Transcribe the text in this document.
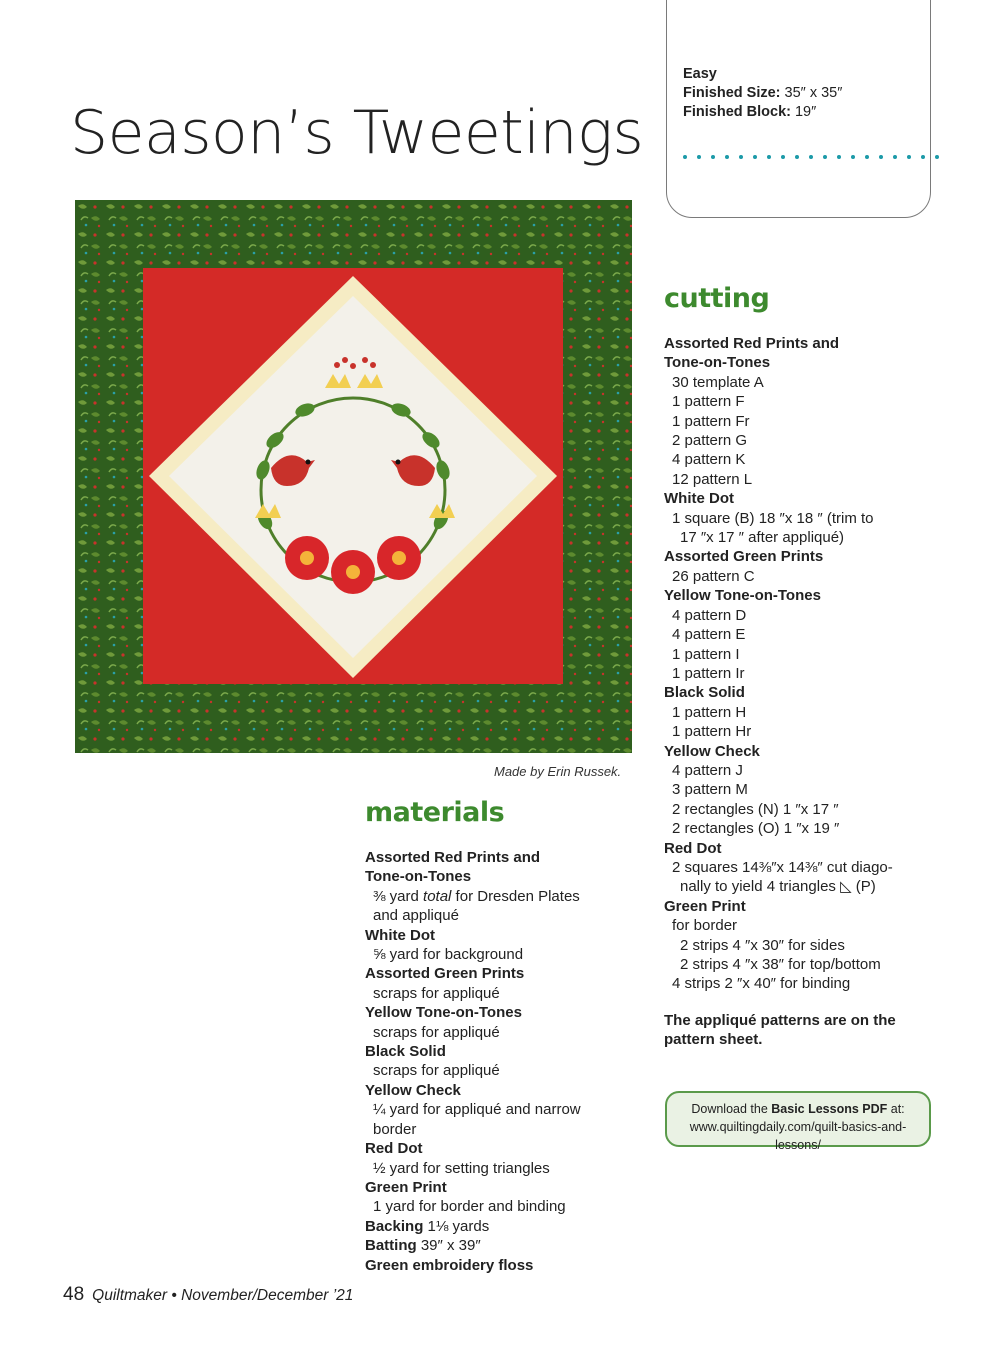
Season’s Tweetings
Easy
Finished Size: 35″ x 35″
Finished Block: 19″
Made by Erin Russek.
materials
Assorted Red Prints and
Tone-on-Tones
⅜ yard total for Dresden Plates
and appliqué
White Dot
⅝ yard for background
Assorted Green Prints
scraps for appliqué
Yellow Tone-on-Tones
scraps for appliqué
Black Solid
scraps for appliqué
Yellow Check
¼ yard for appliqué and narrow
border
Red Dot
½ yard for setting triangles
Green Print
1 yard for border and binding
Backing 1⅛ yards
Batting 39″ x 39″
Green embroidery floss
cutting
Assorted Red Prints and
Tone-on-Tones
30 template A
1 pattern F
1 pattern Fr
2 pattern G
4 pattern K
12 pattern L
White Dot
1 square (B) 18 ″x 18 ″ (trim to
17 ″x 17 ″ after appliqué)
Assorted Green Prints
26 pattern C
Yellow Tone-on-Tones
4 pattern D
4 pattern E
1 pattern I
1 pattern Ir
Black Solid
1 pattern H
1 pattern Hr
Yellow Check
4 pattern J
3 pattern M
2 rectangles (N) 1 ″x 17 ″
2 rectangles (O) 1 ″x 19 ″
Red Dot
2 squares 14⅜″x 14⅜″ cut diago-
nally to yield 4 triangles ◺ (P)
Green Print
for border
2 strips 4 ″x 30″ for sides
2 strips 4 ″x 38″ for top/bottom
4 strips 2 ″x 40″ for binding
The appliqué patterns are on the pattern sheet.
Download the Basic Lessons PDF at:
www.quiltingdaily.com/quilt-basics-and-lessons/
48 Quiltmaker • November/December ’21
